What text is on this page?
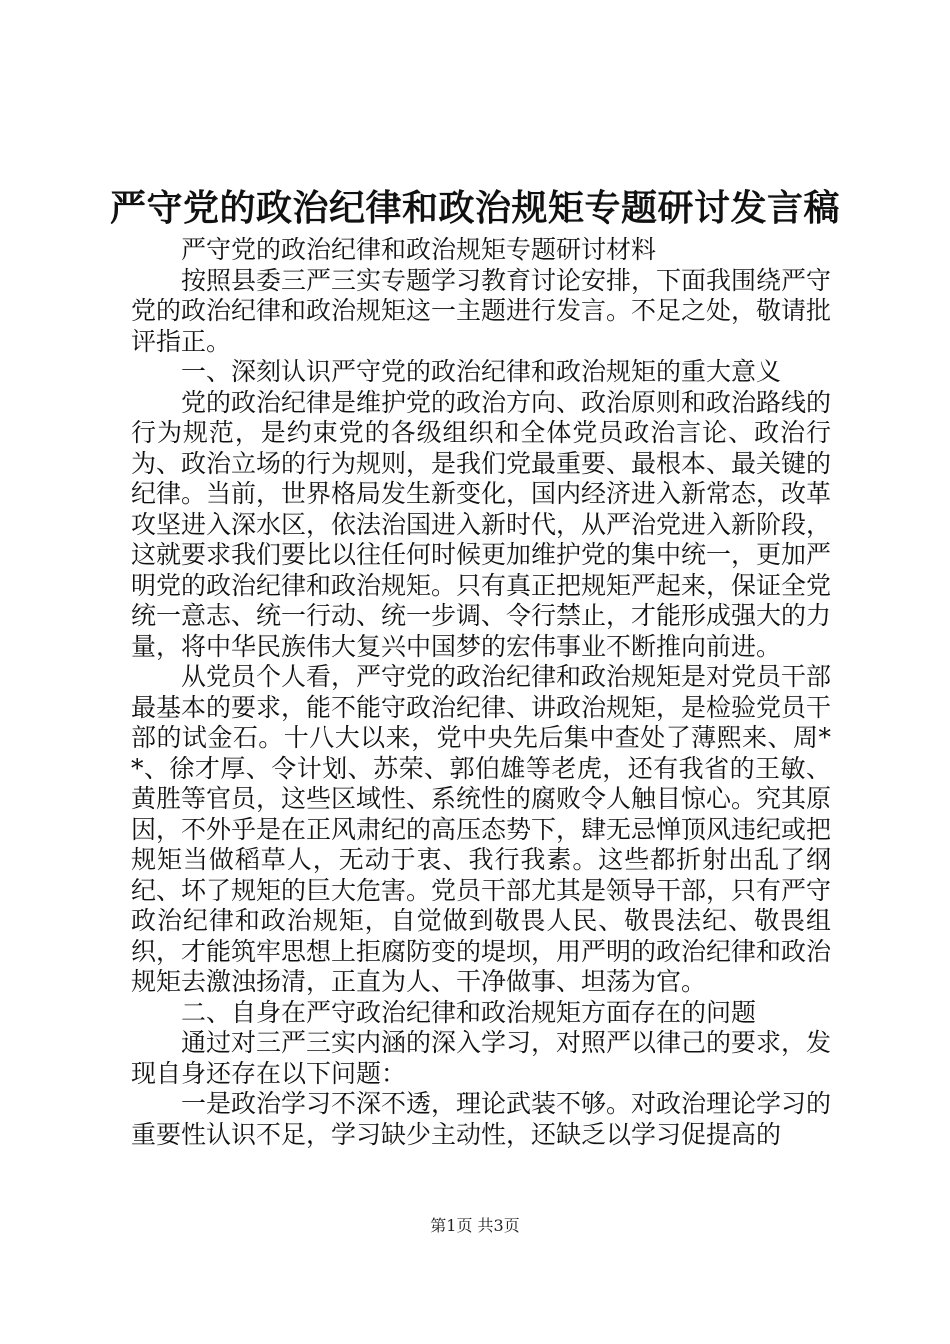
严守党的政治纪律和政治规矩专题研讨发言稿

严守党的政治纪律和政治规矩专题研讨材料

按照县委三严三实专题学习教育讨论安排，下面我围绕严守党的政治纪律和政治规矩这一主题进行发言。不足之处，敬请批评指正。

一、深刻认识严守党的政治纪律和政治规矩的重大意义

党的政治纪律是维护党的政治方向、政治原则和政治路线的行为规范，是约束党的各级组织和全体党员政治言论、政治行为、政治立场的行为规则，是我们党最重要、最根本、最关键的纪律。当前，世界格局发生新变化，国内经济进入新常态，改革攻坚进入深水区，依法治国进入新时代，从严治党进入新阶段，这就要求我们要比以往任何时候更加维护党的集中统一，更加严明党的政治纪律和政治规矩。只有真正把规矩严起来，保证全党统一意志、统一行动、统一步调、令行禁止，才能形成强大的力量，将中华民族伟大复兴中国梦的宏伟事业不断推向前进。

从党员个人看，严守党的政治纪律和政治规矩是对党员干部最基本的要求，能不能守政治纪律、讲政治规矩，是检验党员干部的试金石。十八大以来，党中央先后集中查处了薄熙来、周**、徐才厚、令计划、苏荣、郭伯雄等老虎，还有我省的王敏、黄胜等官员，这些区域性、系统性的腐败令人触目惊心。究其原因，不外乎是在正风肃纪的高压态势下，肆无忌惮顶风违纪或把规矩当做稻草人，无动于衷、我行我素。这些都折射出乱了纲纪、坏了规矩的巨大危害。党员干部尤其是领导干部，只有严守政治纪律和政治规矩，自觉做到敬畏人民、敬畏法纪、敬畏组织，才能筑牢思想上拒腐防变的堤坝，用严明的政治纪律和政治规矩去激浊扬清，正直为人、干净做事、坦荡为官。

二、自身在严守政治纪律和政治规矩方面存在的问题

通过对三严三实内涵的深入学习，对照严以律己的要求，发现自身还存在以下问题：

一是政治学习不深不透，理论武装不够。对政治理论学习的重要性认识不足，学习缺少主动性，还缺乏以学习促提高的

第1页 共3页
